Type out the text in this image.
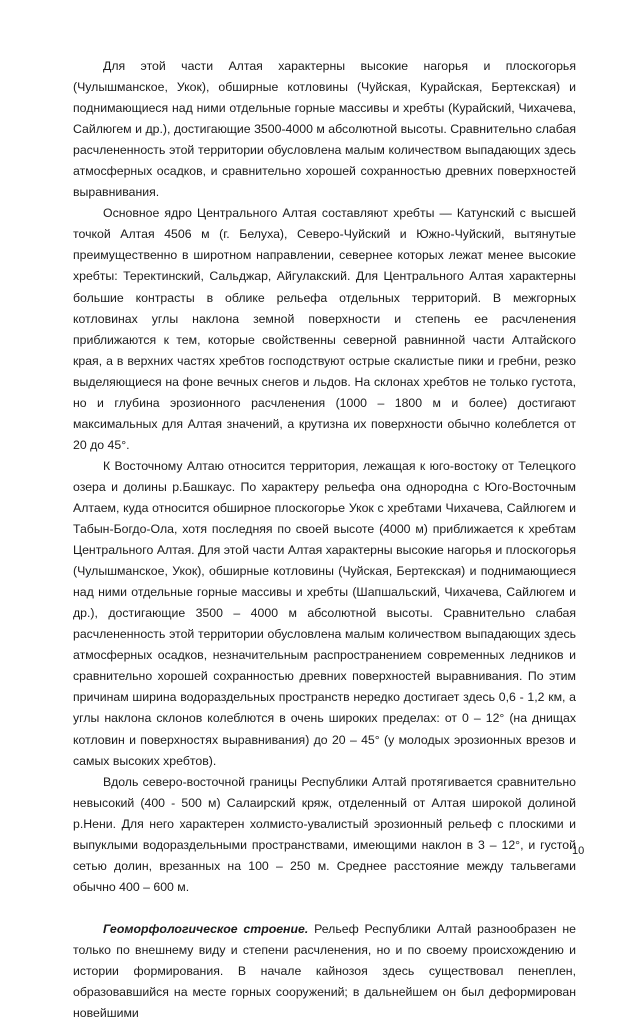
Для этой части Алтая характерны высокие нагорья и плоскогорья (Чулышманское, Укок), обширные котловины (Чуйская, Курайская, Бертекская) и поднимающиеся над ними отдельные горные массивы и хребты (Курайский, Чихачева, Сайлюгем и др.), достигающие 3500-4000 м абсолютной высоты. Сравнительно слабая расчлененность этой территории обусловлена малым количеством выпадающих здесь атмосферных осадков, и сравнительно хорошей сохранностью древних поверхностей выравнивания.

Основное ядро Центрального Алтая составляют хребты — Катунский с высшей точкой Алтая 4506 м (г. Белуха), Северо-Чуйский и Южно-Чуйский, вытянутые преимущественно в широтном направлении, севернее которых лежат менее высокие хребты: Теректинский, Сальджар, Айгулакский. Для Центрального Алтая характерны большие контрасты в облике рельефа отдельных территорий. В межгорных котловинах углы наклона земной поверхности и степень ее расчленения приближаются к тем, которые свойственны северной равнинной части Алтайского края, а в верхних частях хребтов господствуют острые скалистые пики и гребни, резко выделяющиеся на фоне вечных снегов и льдов. На склонах хребтов не только густота, но и глубина эрозионного расчленения (1000 – 1800 м и более) достигают максимальных для Алтая значений, а крутизна их поверхности обычно колеблется от 20 до 45°.

К Восточному Алтаю относится территория, лежащая к юго-востоку от Телецкого озера и долины р.Башкаус. По характеру рельефа она однородна с Юго-Восточным Алтаем, куда относится обширное плоскогорье Укок с хребтами Чихачева, Сайлюгем и Табын-Богдо-Ола, хотя последняя по своей высоте (4000 м) приближается к хребтам Центрального Алтая. Для этой части Алтая характерны высокие нагорья и плоскогорья (Чулышманское, Укок), обширные котловины (Чуйская, Бертекская) и поднимающиеся над ними отдельные горные массивы и хребты (Шапшальский, Чихачева, Сайлюгем и др.), достигающие 3500 – 4000 м абсолютной высоты. Сравнительно слабая расчлененность этой территории обусловлена малым количеством выпадающих здесь атмосферных осадков, незначительным распространением современных ледников и сравнительно хорошей сохранностью древних поверхностей выравнивания. По этим причинам ширина водораздельных пространств нередко достигает здесь 0,6 - 1,2 км, а углы наклона склонов колеблются в очень широких пределах: от 0 – 12° (на днищах котловин и поверхностях выравнивания) до 20 – 45° (у молодых эрозионных врезов и самых высоких хребтов).

Вдоль северо-восточной границы Республики Алтай протягивается сравнительно невысокий (400 - 500 м) Салаирский кряж, отделенный от Алтая широкой долиной р.Нени. Для него характерен холмисто-увалистый эрозионный рельеф с плоскими и выпуклыми водораздельными пространствами, имеющими наклон в 3 – 12°, и густой сетью долин, врезанных на 100 – 250 м. Среднее расстояние между тальвегами обычно 400 – 600 м.

Геоморфологическое строение. Рельеф Республики Алтай разнообразен не только по внешнему виду и степени расчленения, но и по своему происхождению и истории формирования. В начале кайнозоя здесь существовал пенеплен, образовавшийся на месте горных сооружений; в дальнейшем он был деформирован новейшими

10
